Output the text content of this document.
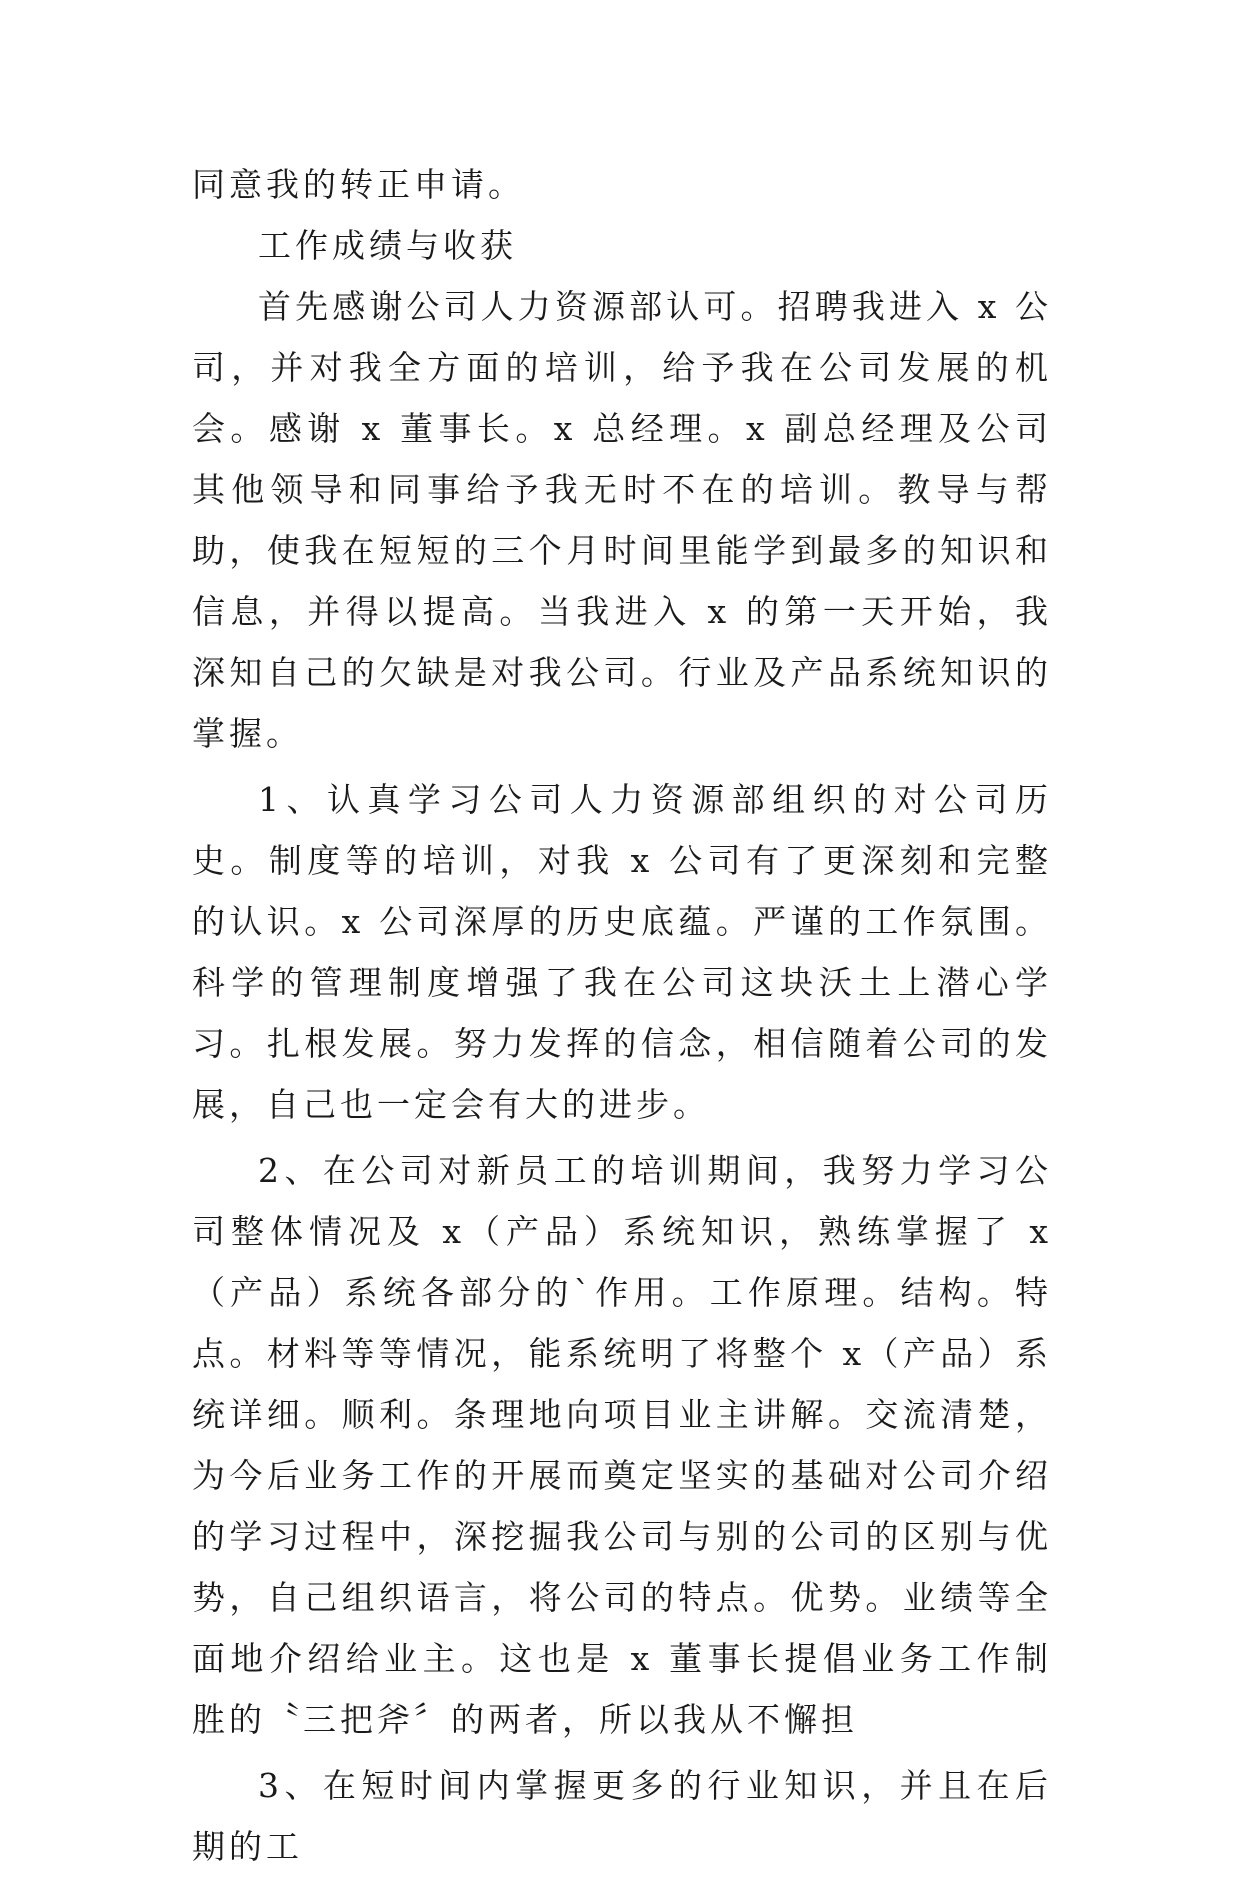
同意我的转正申请。

工作成绩与收获

首先感谢公司人力资源部认可。招聘我进入 x 公司，并对我全方面的培训，给予我在公司发展的机会。感谢 x 董事长。x 总经理。x 副总经理及公司其他领导和同事给予我无时不在的培训。教导与帮助，使我在短短的三个月时间里能学到最多的知识和信息，并得以提高。当我进入 x 的第一天开始，我深知自己的欠缺是对我公司。行业及产品系统知识的掌握。

1、认真学习公司人力资源部组织的对公司历史。制度等的培训，对我 x 公司有了更深刻和完整的认识。x 公司深厚的历史底蕴。严谨的工作氛围。科学的管理制度增强了我在公司这块沃土上潜心学习。扎根发展。努力发挥的信念，相信随着公司的发展，自己也一定会有大的进步。

2、在公司对新员工的培训期间，我努力学习公司整体情况及 x（产品）系统知识，熟练掌握了 x（产品）系统各部分的`作用。工作原理。结构。特点。材料等等情况，能系统明了将整个 x（产品）系统详细。顺利。条理地向项目业主讲解。交流清楚，为今后业务工作的开展而奠定坚实的基础对公司介绍的学习过程中，深挖掘我公司与别的公司的区别与优势，自己组织语言，将公司的特点。优势。业绩等全面地介绍给业主。这也是 x 董事长提倡业务工作制胜的〝三把斧〞的两者，所以我从不懈担

3、在短时间内掌握更多的行业知识，并且在后期的工
